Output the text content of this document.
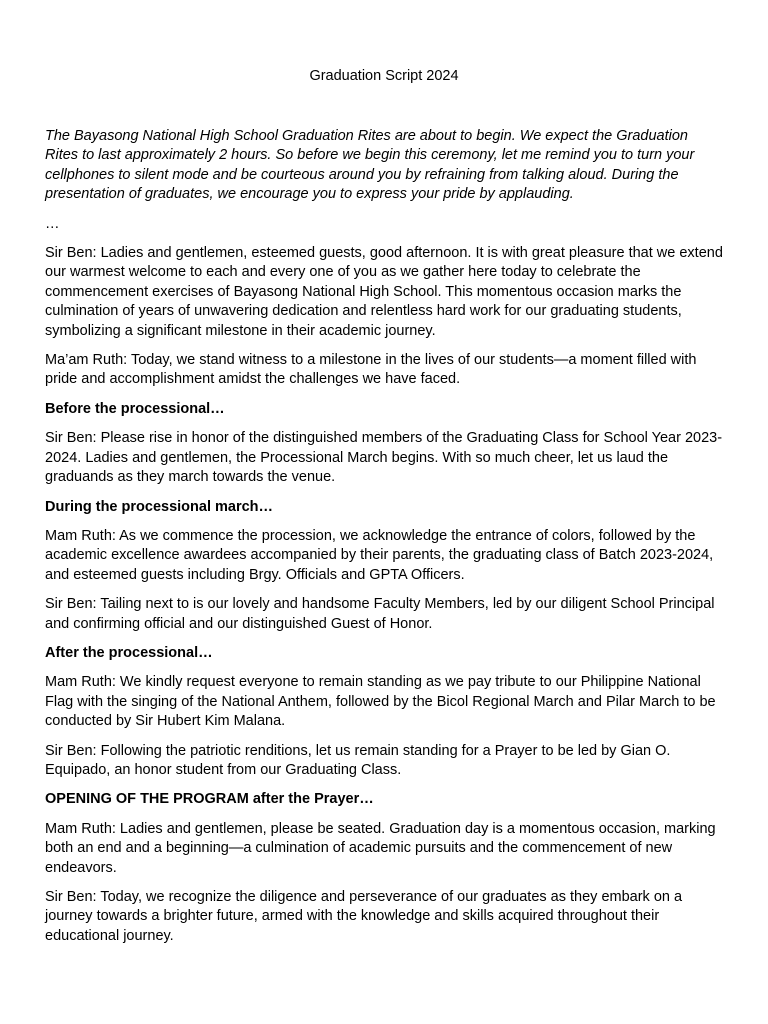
Graduation Script 2024

The Bayasong National High School Graduation Rites are about to begin. We expect the Graduation Rites to last approximately 2 hours. So before we begin this ceremony, let me remind you to turn your cellphones to silent mode and be courteous around you by refraining from talking aloud. During the presentation of graduates, we encourage you to express your pride by applauding.

…

Sir Ben: Ladies and gentlemen, esteemed guests, good afternoon. It is with great pleasure that we extend our warmest welcome to each and every one of you as we gather here today to celebrate the commencement exercises of Bayasong National High School. This momentous occasion marks the culmination of years of unwavering dedication and relentless hard work for our graduating students, symbolizing a significant milestone in their academic journey.

Ma’am Ruth: Today, we stand witness to a milestone in the lives of our students—a moment filled with pride and accomplishment amidst the challenges we have faced.

Before the processional…

Sir Ben: Please rise in honor of the distinguished members of the Graduating Class for School Year 2023-2024. Ladies and gentlemen, the Processional March begins. With so much cheer, let us laud the graduands as they march towards the venue.

During the processional march…

Mam Ruth: As we commence the procession, we acknowledge the entrance of colors, followed by the academic excellence awardees accompanied by their parents, the graduating class of Batch 2023-2024, and esteemed guests including Brgy. Officials and GPTA Officers.

Sir Ben: Tailing next to is our lovely and handsome Faculty Members, led by our diligent School Principal and confirming official and our distinguished Guest of Honor.

After the processional…

Mam Ruth: We kindly request everyone to remain standing as we pay tribute to our Philippine National Flag with the singing of the National Anthem, followed by the Bicol Regional March and Pilar March to be conducted by Sir Hubert Kim Malana.

Sir Ben: Following the patriotic renditions, let us remain standing for a Prayer to be led by Gian O. Equipado, an honor student from our Graduating Class.

OPENING OF THE PROGRAM after the Prayer…

Mam Ruth: Ladies and gentlemen, please be seated. Graduation day is a momentous occasion, marking both an end and a beginning—a culmination of academic pursuits and the commencement of new endeavors.

Sir Ben: Today, we recognize the diligence and perseverance of our graduates as they embark on a journey towards a brighter future, armed with the knowledge and skills acquired throughout their educational journey.
